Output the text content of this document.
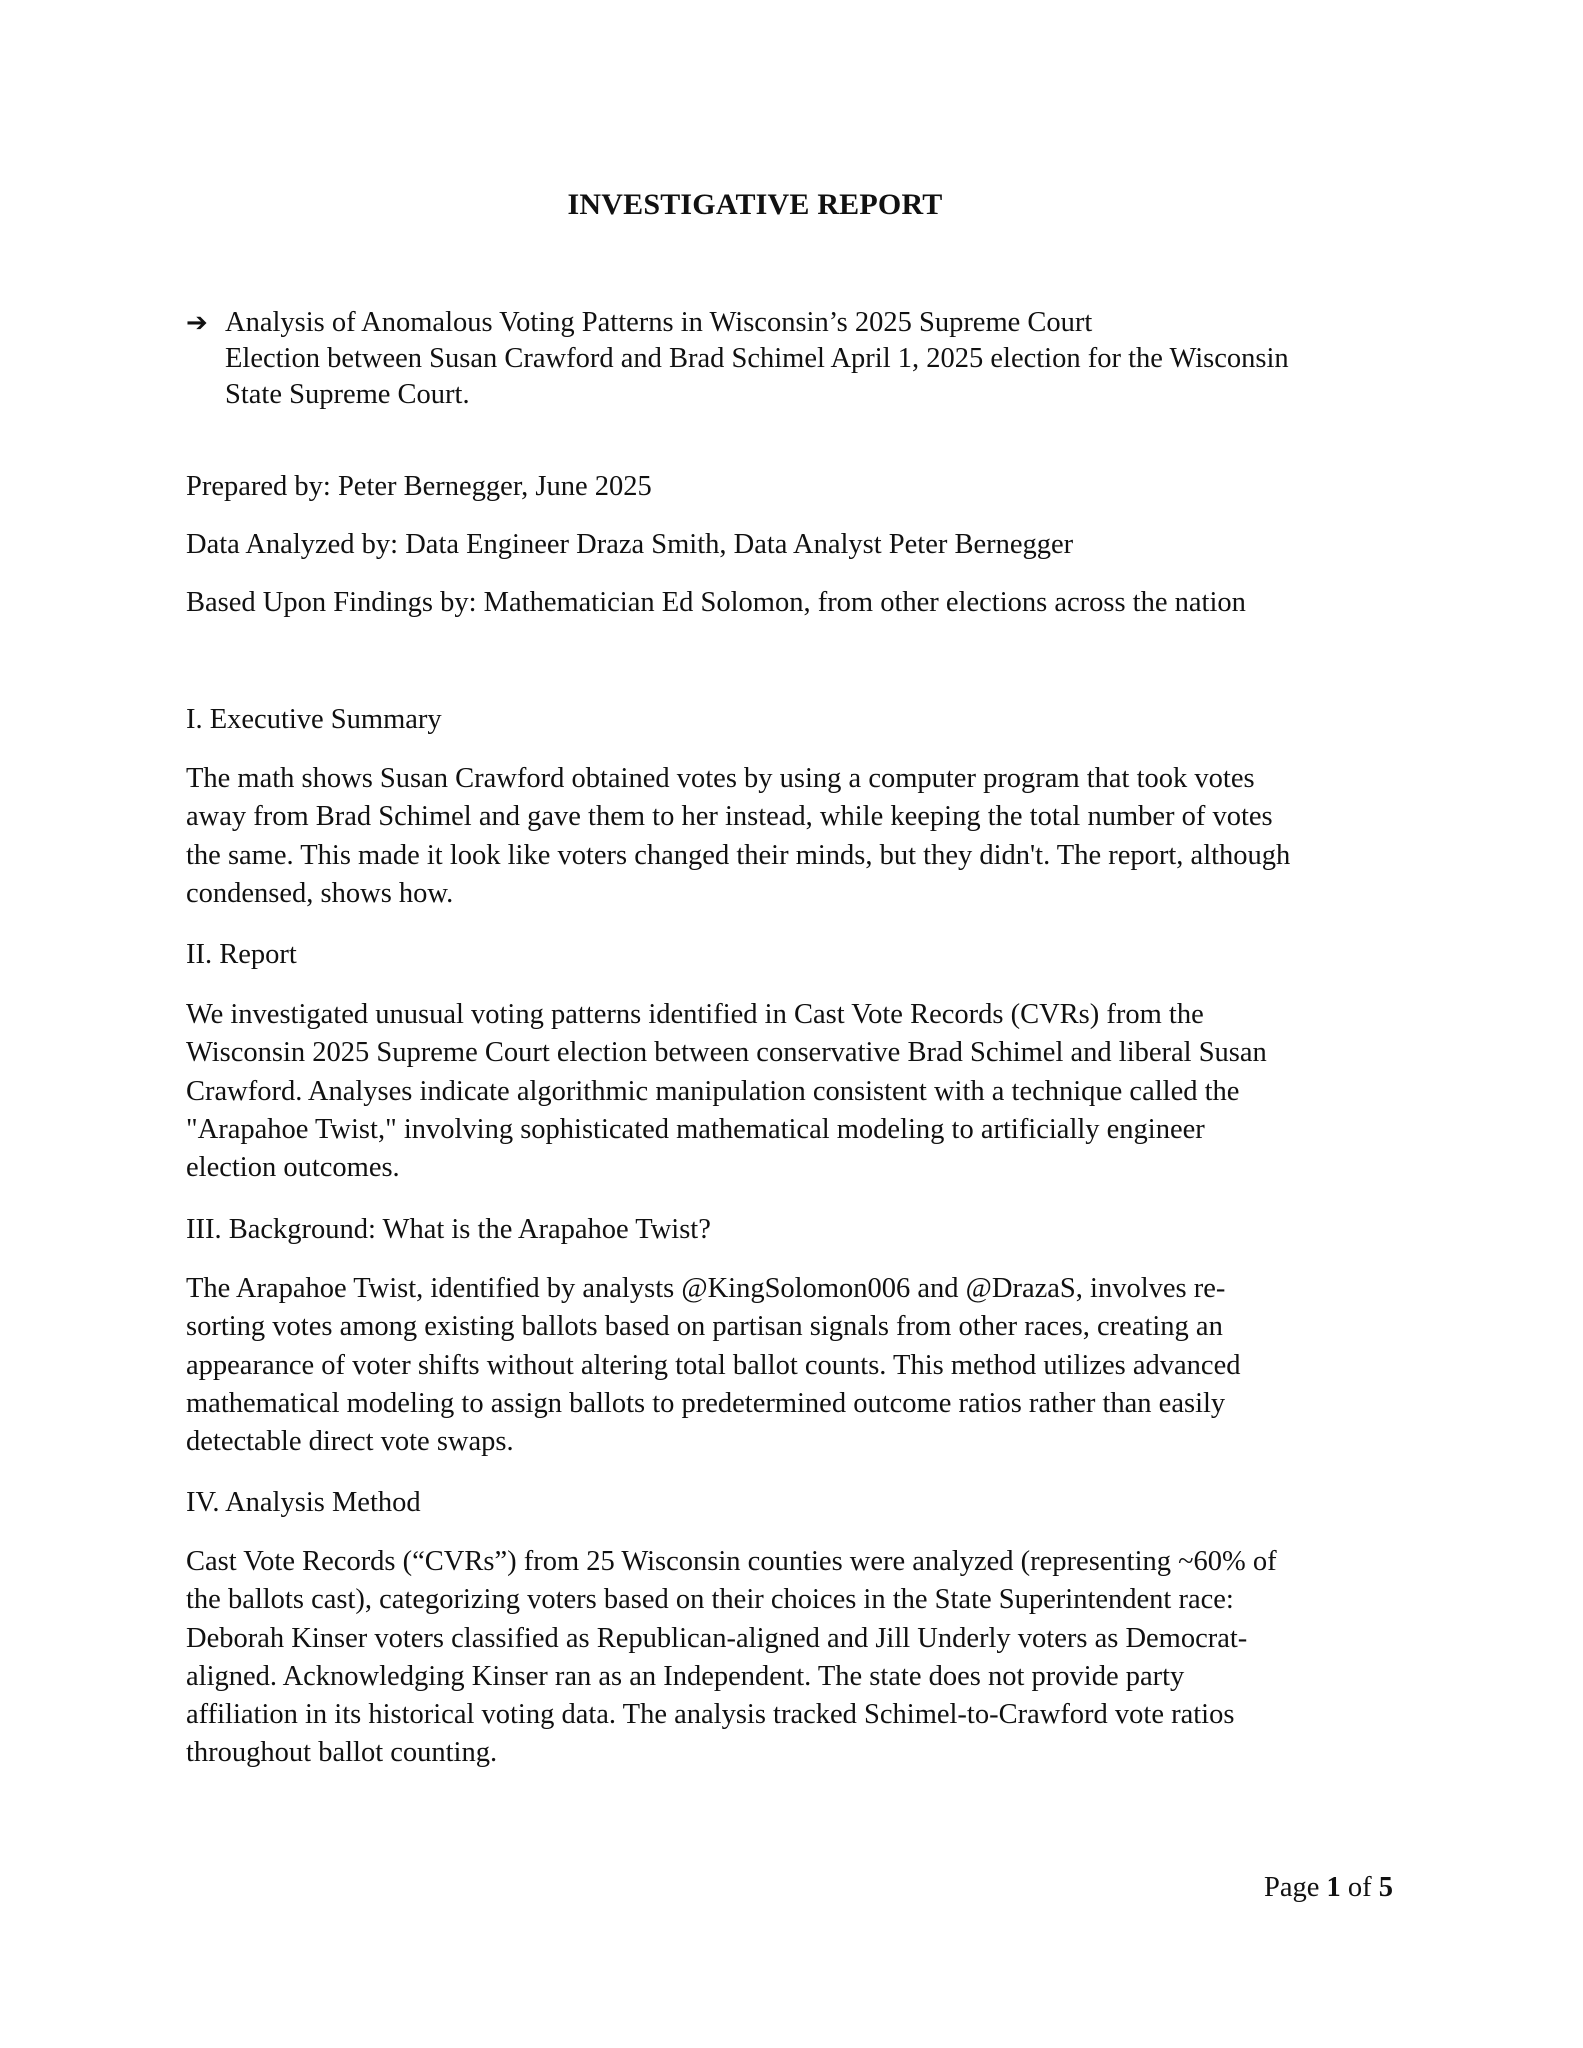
INVESTIGATIVE REPORT
➔ Analysis of Anomalous Voting Patterns in Wisconsin’s 2025 Supreme Court
Election between Susan Crawford and Brad Schimel April 1, 2025 election for the Wisconsin
State Supreme Court.
Prepared by: Peter Bernegger, June 2025
Data Analyzed by: Data Engineer Draza Smith, Data Analyst Peter Bernegger
Based Upon Findings by: Mathematician Ed Solomon, from other elections across the nation
I. Executive Summary
The math shows Susan Crawford obtained votes by using a computer program that took votes
away from Brad Schimel and gave them to her instead, while keeping the total number of votes
the same. This made it look like voters changed their minds, but they didn't. The report, although
condensed, shows how.
II. Report
We investigated unusual voting patterns identified in Cast Vote Records (CVRs) from the
Wisconsin 2025 Supreme Court election between conservative Brad Schimel and liberal Susan
Crawford. Analyses indicate algorithmic manipulation consistent with a technique called the
"Arapahoe Twist," involving sophisticated mathematical modeling to artificially engineer
election outcomes.
III. Background: What is the Arapahoe Twist?
The Arapahoe Twist, identified by analysts @KingSolomon006 and @DrazaS, involves re-
sorting votes among existing ballots based on partisan signals from other races, creating an
appearance of voter shifts without altering total ballot counts. This method utilizes advanced
mathematical modeling to assign ballots to predetermined outcome ratios rather than easily
detectable direct vote swaps.
IV. Analysis Method
Cast Vote Records (“CVRs”) from 25 Wisconsin counties were analyzed (representing ~60% of
the ballots cast), categorizing voters based on their choices in the State Superintendent race:
Deborah Kinser voters classified as Republican-aligned and Jill Underly voters as Democrat-
aligned. Acknowledging Kinser ran as an Independent. The state does not provide party
affiliation in its historical voting data. The analysis tracked Schimel-to-Crawford vote ratios
throughout ballot counting.
Page 1 of 5
